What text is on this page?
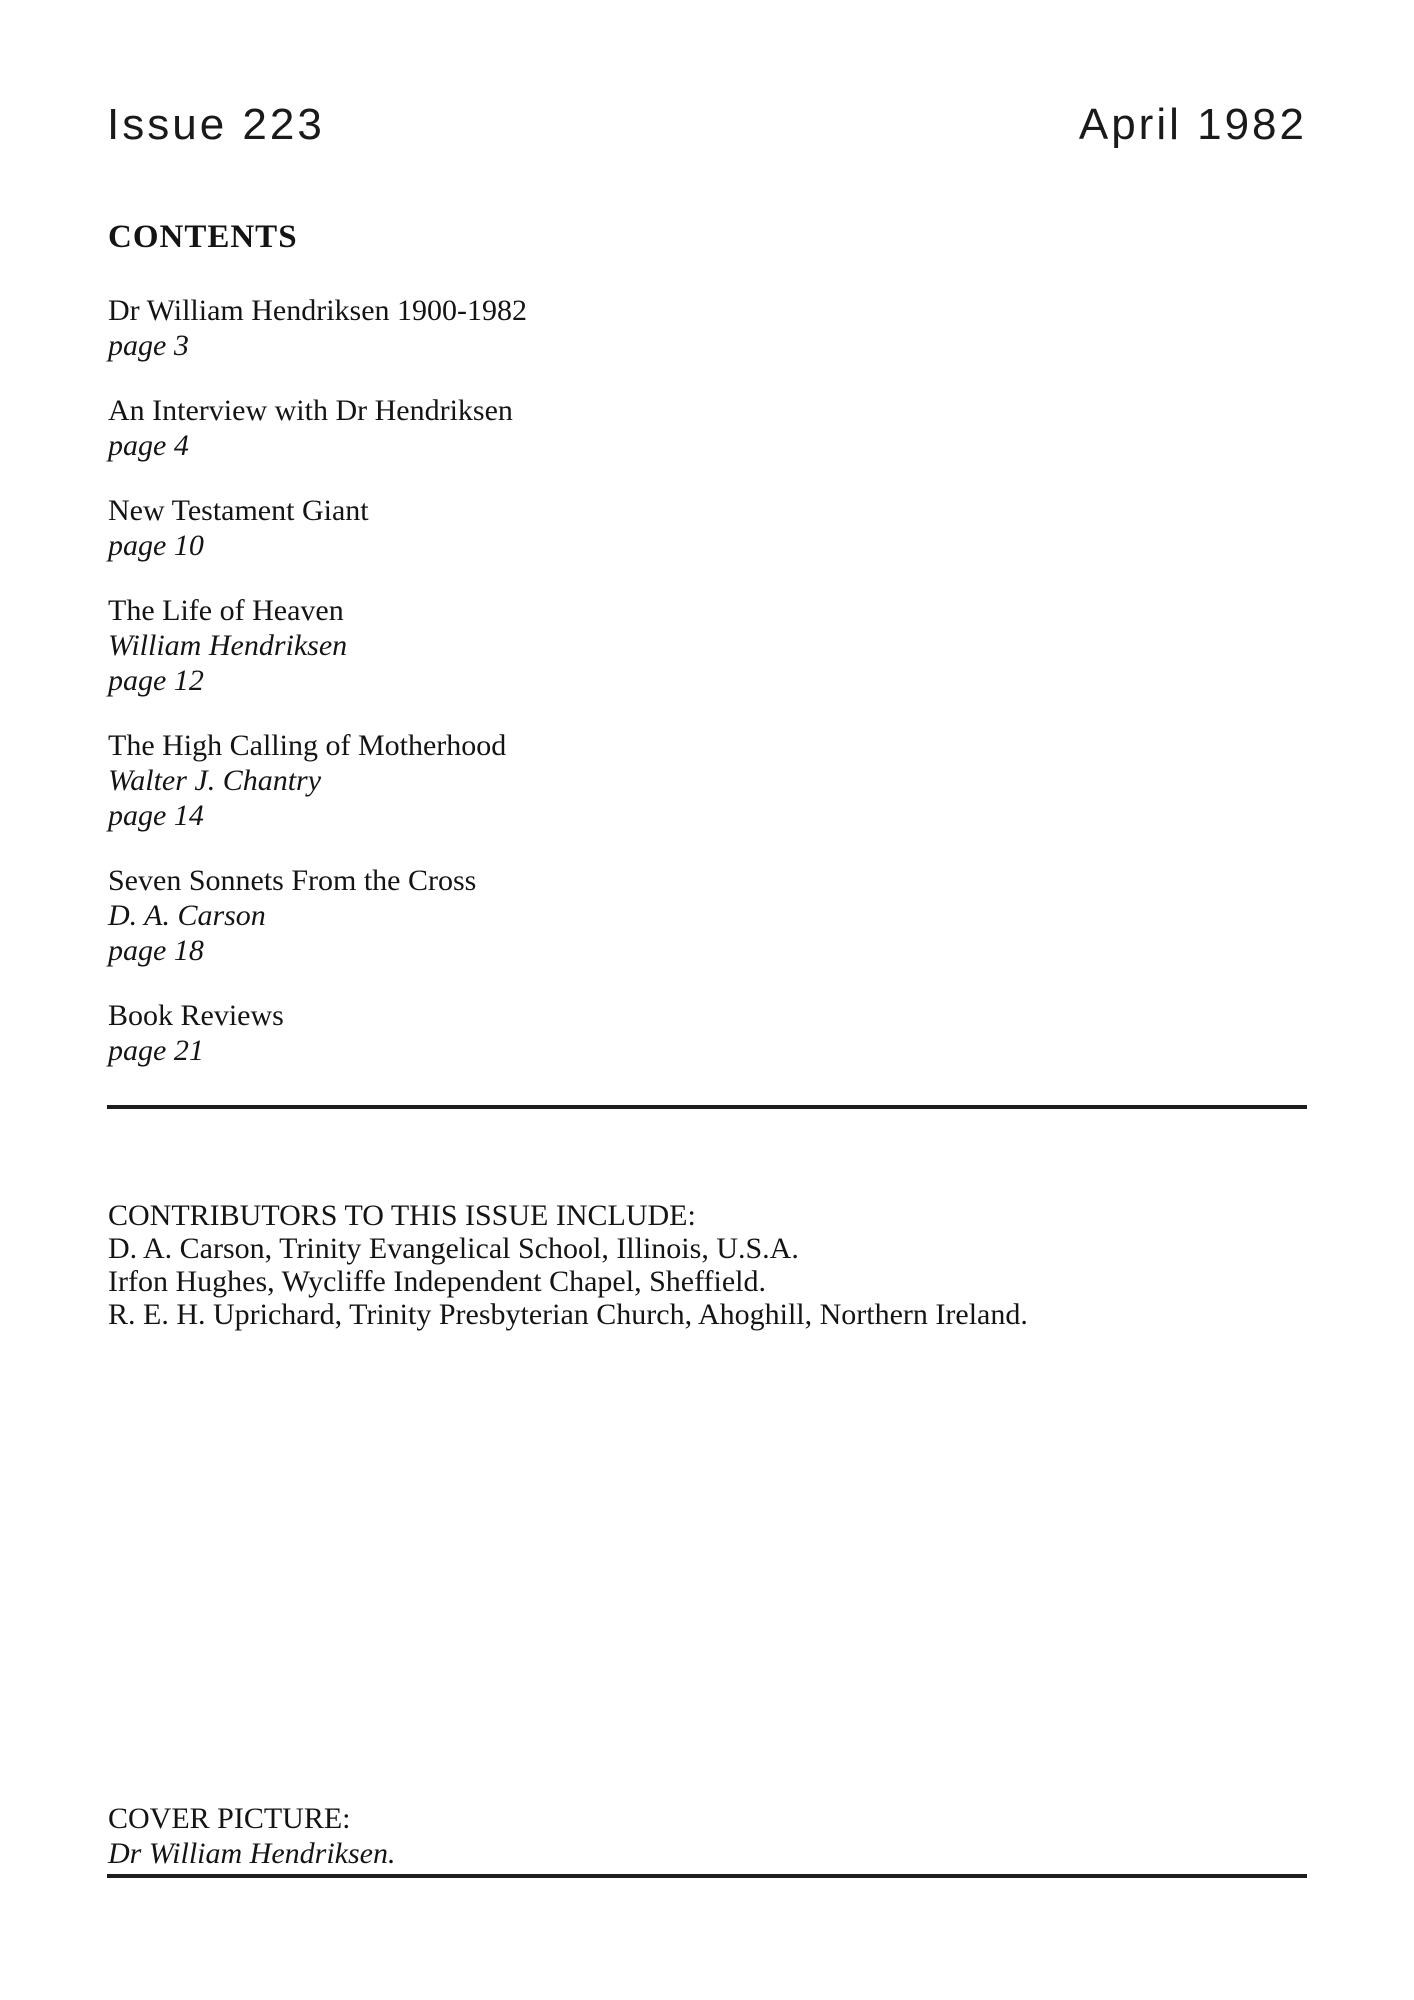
Issue 223	April 1982
CONTENTS
Dr William Hendriksen 1900-1982
page 3
An Interview with Dr Hendriksen
page 4
New Testament Giant
page 10
The Life of Heaven
William Hendriksen
page 12
The High Calling of Motherhood
Walter J. Chantry
page 14
Seven Sonnets From the Cross
D. A. Carson
page 18
Book Reviews
page 21
CONTRIBUTORS TO THIS ISSUE INCLUDE:
D. A. Carson, Trinity Evangelical School, Illinois, U.S.A.
Irfon Hughes, Wycliffe Independent Chapel, Sheffield.
R. E. H. Uprichard, Trinity Presbyterian Church, Ahoghill, Northern Ireland.
COVER PICTURE:
Dr William Hendriksen.
